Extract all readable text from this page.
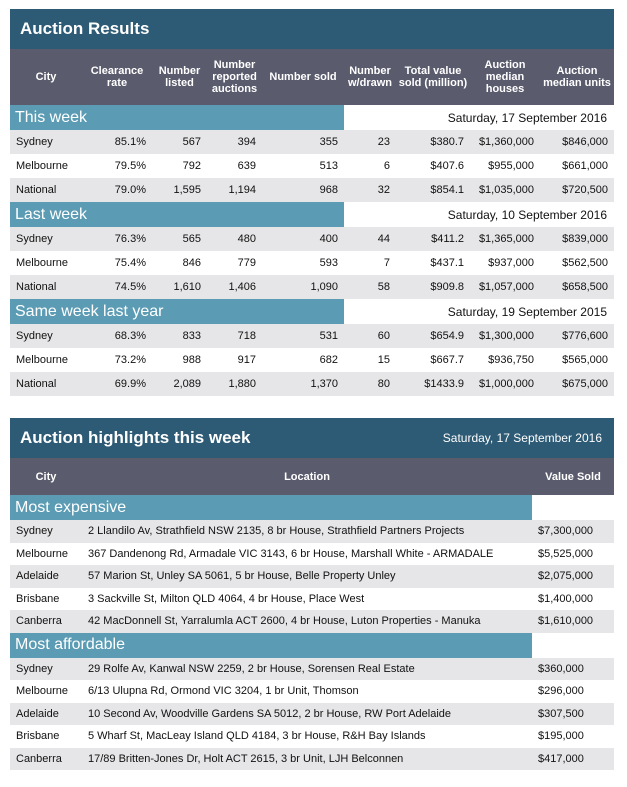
Auction Results
City	Clearance rate	Number listed	Number reported auctions	Number sold	Number w/drawn	Total value sold (million)	Auction median houses	Auction median units
This week					Saturday, 17 September 2016			
Sydney	85.1%	567	394	355	23	$380.7	$1,360,000	$846,000
Melbourne	79.5%	792	639	513	6	$407.6	$955,000	$661,000
National	79.0%	1,595	1,194	968	32	$854.1	$1,035,000	$720,500
Last week					Saturday, 10 September 2016			
Sydney	76.3%	565	480	400	44	$411.2	$1,365,000	$839,000
Melbourne	75.4%	846	779	593	7	$437.1	$937,000	$562,500
National	74.5%	1,610	1,406	1,090	58	$909.8	$1,057,000	$658,500
Same week last year					Saturday, 19 September 2015			
Sydney	68.3%	833	718	531	60	$654.9	$1,300,000	$776,600
Melbourne	73.2%	988	917	682	15	$667.7	$936,750	$565,000
National	69.9%	2,089	1,880	1,370	80	$1433.9	$1,000,000	$675,000
Auction highlights this week	Saturday, 17 September 2016
City	Location	Value Sold
Most expensive		
Sydney	2 Llandilo Av, Strathfield NSW 2135, 8 br House, Strathfield Partners Projects	$7,300,000
Melbourne	367 Dandenong Rd, Armadale VIC 3143, 6 br House, Marshall White - ARMADALE	$5,525,000
Adelaide	57 Marion St, Unley SA 5061, 5 br House, Belle Property Unley	$2,075,000
Brisbane	3 Sackville St, Milton QLD 4064, 4 br House, Place West	$1,400,000
Canberra	42 MacDonnell St, Yarralumla ACT 2600, 4 br House, Luton Properties - Manuka	$1,610,000
Most affordable		
Sydney	29 Rolfe Av, Kanwal NSW 2259, 2 br House, Sorensen Real Estate	$360,000
Melbourne	6/13 Ulupna Rd, Ormond VIC 3204, 1 br Unit, Thomson	$296,000
Adelaide	10 Second Av, Woodville Gardens SA 5012, 2 br House, RW Port Adelaide	$307,500
Brisbane	5 Wharf St, MacLeay Island QLD 4184, 3 br House, R&H Bay Islands	$195,000
Canberra	17/89 Britten-Jones Dr, Holt ACT 2615, 3 br Unit, LJH Belconnen	$417,000
